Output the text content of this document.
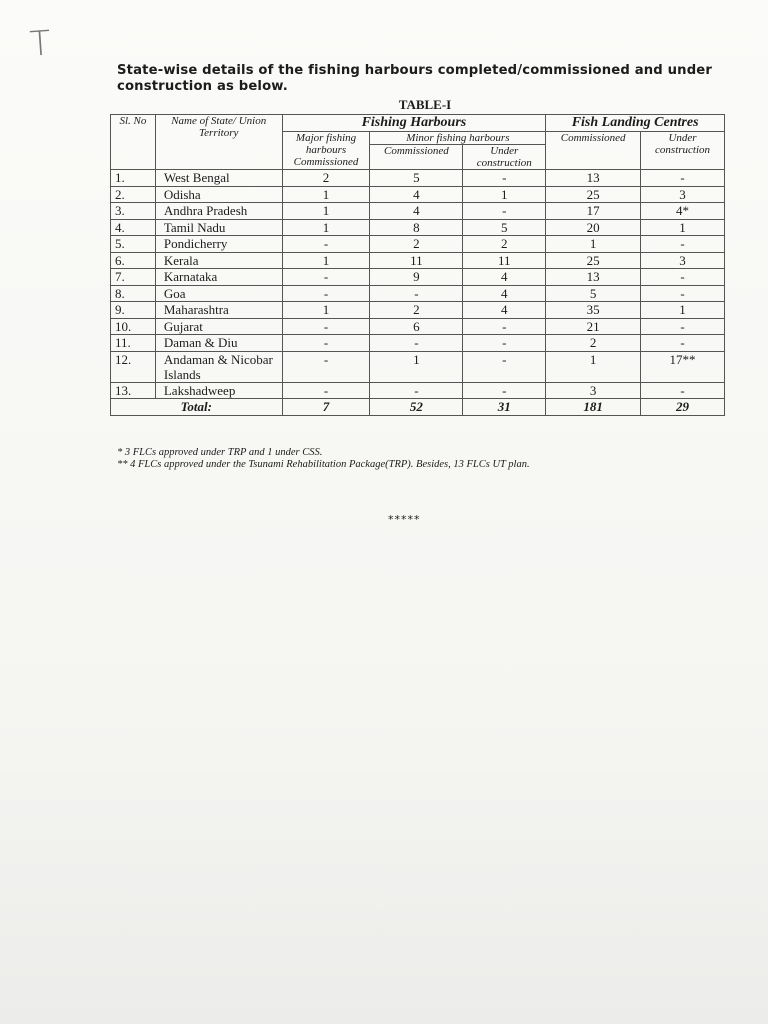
T
State-wise details of the fishing harbours completed/commissioned and under construction as below.
TABLE-I
Sl. No	Name of State/ Union Territory	Fishing Harbours			Fish Landing Centres	
		Major fishing harbours Commissioned	Minor fishing harbours		Commissioned	Under construction
			Commissioned	Under construction		
1.	West Bengal	2	5	-	13	-
2.	Odisha	1	4	1	25	3
3.	Andhra Pradesh	1	4	-	17	4*
4.	Tamil Nadu	1	8	5	20	1
5.	Pondicherry	-	2	2	1	-
6.	Kerala	1	11	11	25	3
7.	Karnataka	-	9	4	13	-
8.	Goa	-	-	4	5	-
9.	Maharashtra	1	2	4	35	1
10.	Gujarat	-	6	-	21	-
11.	Daman & Diu	-	-	-	2	-
12.	Andaman & Nicobar Islands	-	1	-	1	17**
13.	Lakshadweep	-	-	-	3	-
Total:		7	52	31	181	29
* 3 FLCs approved under TRP and 1 under CSS.
** 4 FLCs approved under the Tsunami Rehabilitation Package(TRP). Besides, 13 FLCs UT plan.
*****
